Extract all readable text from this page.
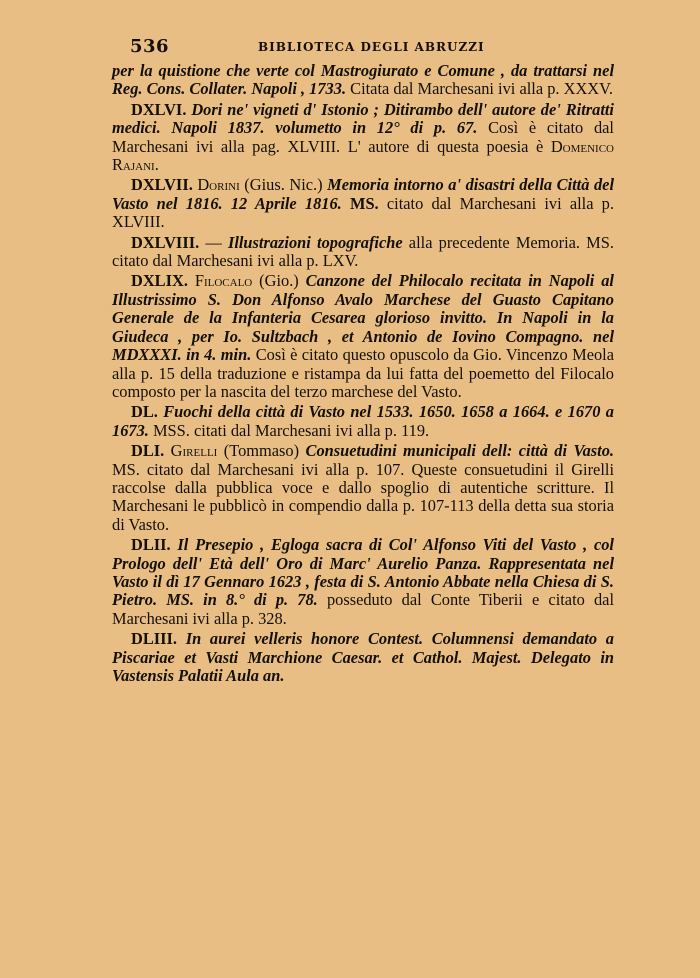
536	BIBLIOTECA DEGLI ABRUZZI

per la quistione che verte col Mastrogiurato e Comune , da trattarsi nel Reg. Cons. Collater. Napoli , 1733. Citata dal Marchesani ivi alla p. XXXV.

DXLVI. Dori ne' vigneti d' Istonio ; Ditirambo dell' autore de' Ritratti medici. Napoli 1837. volumetto in 12° di p. 67. Così è citato dal Marchesani ivi alla pag. XLVIII. L' autore di questa poesia è Domenico Rajani.

DXLVII. Dorini (Gius. Nic.) Memoria intorno a' disastri della Città del Vasto nel 1816. 12 Aprile 1816. MS. citato dal Marchesani ivi alla p. XLVIII.

DXLVIII. — Illustrazioni topografiche alla precedente Memoria. MS. citato dal Marchesani ivi alla p. LXV.

DXLIX. Filocalo (Gio.) Canzone del Philocalo recitata in Napoli al Illustrissimo S. Don Alfonso Avalo Marchese del Guasto Capitano Generale de la Infanteria Cesarea glorioso invitto. In Napoli in la Giudeca , per Io. Sultzbach , et Antonio de Iovino Compagno. nel MDXXXI. in 4. min. Così è citato questo opuscolo da Gio. Vincenzo Meola alla p. 15 della traduzione e ristampa da lui fatta del poemetto del Filocalo composto per la nascita del terzo marchese del Vasto.

DL. Fuochi della città di Vasto nel 1533. 1650. 1658 a 1664. e 1670 a 1673. MSS. citati dal Marchesani ivi alla p. 119.

DLI. Girelli (Tommaso) Consuetudini municipali dell: città di Vasto. MS. citato dal Marchesani ivi alla p. 107. Queste consuetudini il Girelli raccolse dalla pubblica voce e dallo spoglio di autentiche scritture. Il Marchesani le pubblicò in compendio dalla p. 107-113 della detta sua storia di Vasto.

DLII. Il Presepio , Egloga sacra di Col' Alfonso Viti del Vasto , col Prologo dell' Età dell' Oro di Marc' Aurelio Panza. Rappresentata nel Vasto il dì 17 Gennaro 1623 , festa di S. Antonio Abbate nella Chiesa di S. Pietro. MS. in 8.° di p. 78. posseduto dal Conte Tiberii e citato dal Marchesani ivi alla p. 328.

DLIII. In aurei velleris honore Contest. Columnensi demandato a Piscariae et Vasti Marchione Caesar. et Cathol. Majest. Delegato in Vastensis Palatii Aula an.
